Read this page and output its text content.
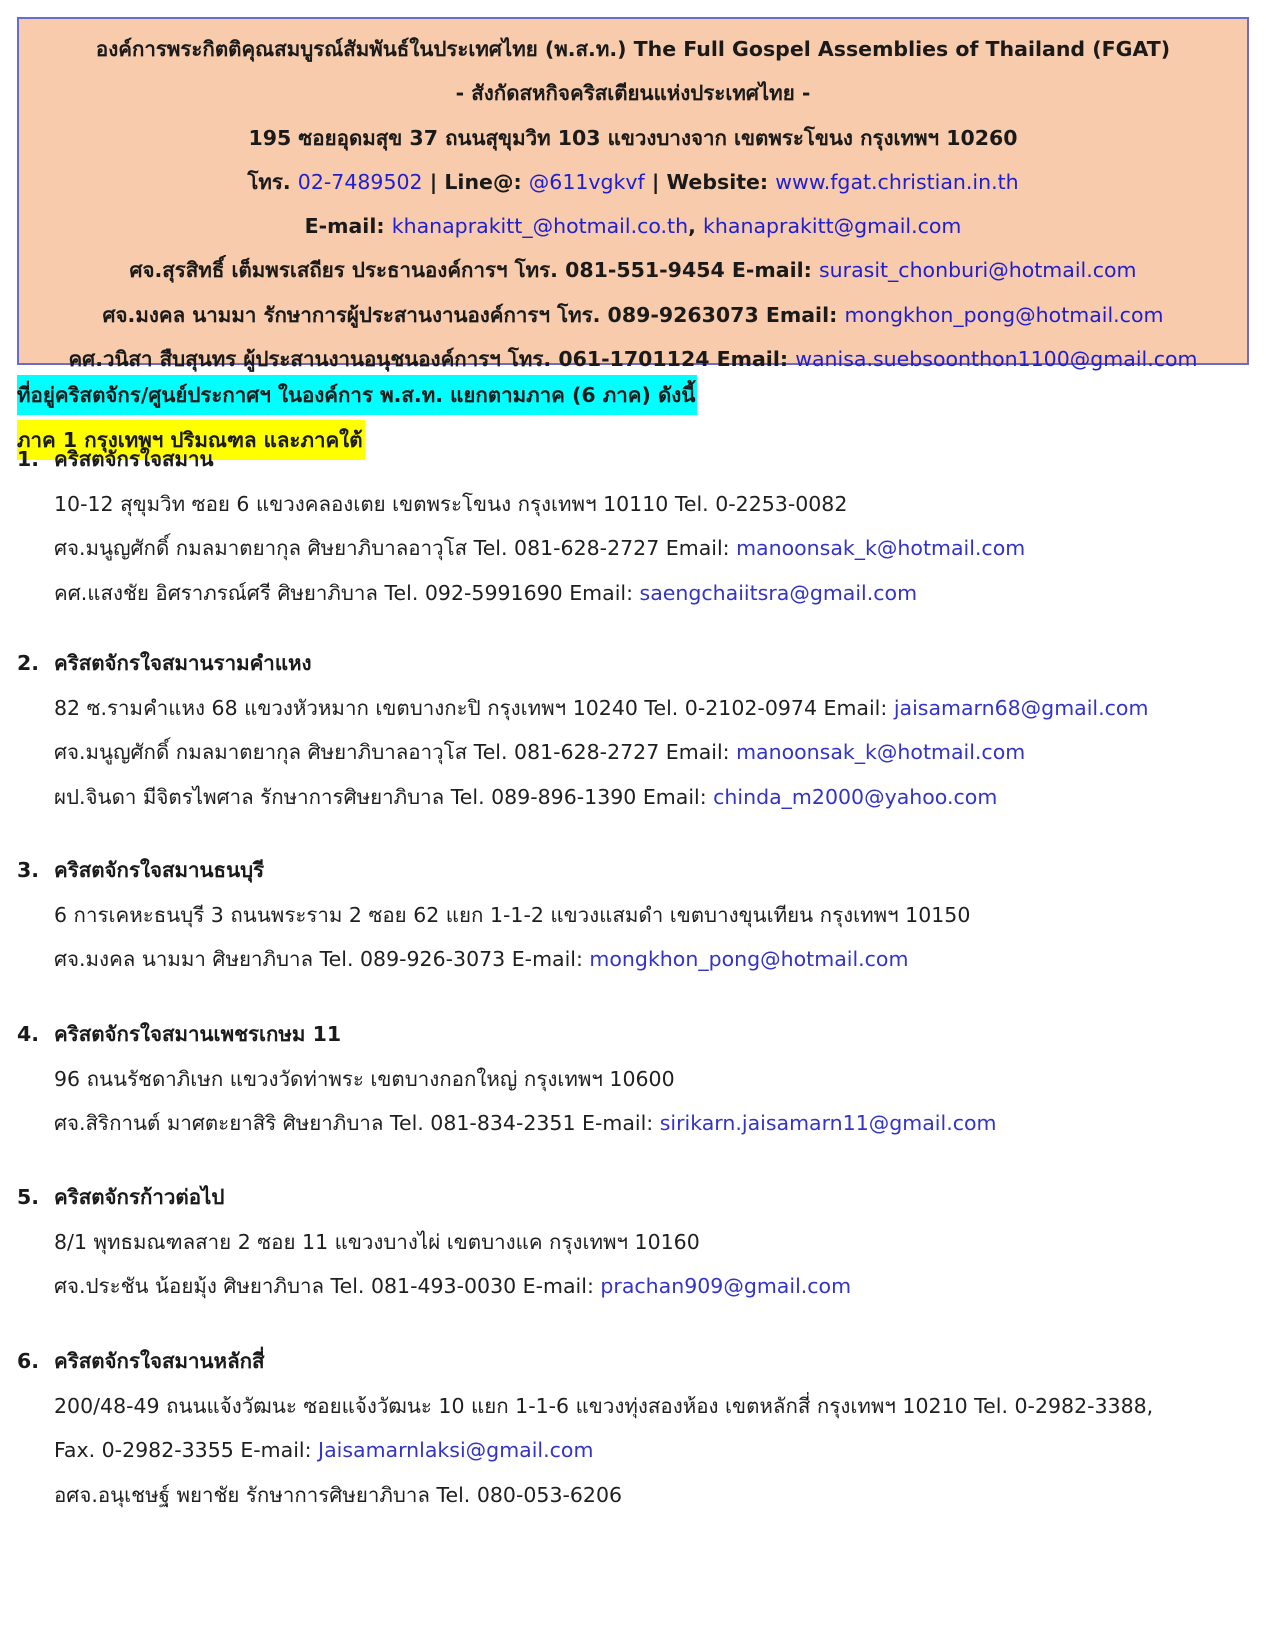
องค์การพระกิตติคุณสมบูรณ์สัมพันธ์ในประเทศไทย (พ.ส.ท.) The Full Gospel Assemblies of Thailand (FGAT)
- สังกัดสหกิจคริสเตียนแห่งประเทศไทย -
195 ซอยอุดมสุข 37 ถนนสุขุมวิท 103 แขวงบางจาก เขตพระโขนง กรุงเทพฯ 10260
โทร. 02-7489502 | Line@: @611vgkvf | Website: www.fgat.christian.in.th
E-mail: khanaprakitt_@hotmail.co.th, khanaprakitt@gmail.com
ศจ.สุรสิทธิ์ เต็มพรเสถียร ประธานองค์การฯ โทร. 081-551-9454 E-mail: surasit_chonburi@hotmail.com
ศจ.มงคล นามมา รักษาการผู้ประสานงานองค์การฯ โทร. 089-9263073 Email: mongkhon_pong@hotmail.com
คศ.วนิสา สืบสุนทร ผู้ประสานงานอนุชนองค์การฯ โทร. 061-1701124 Email: wanisa.suebsoonthon1100@gmail.com
ที่อยู่คริสตจักร/ศูนย์ประกาศฯ ในองค์การ พ.ส.ท. แยกตามภาค (6 ภาค) ดังนี้
ภาค 1 กรุงเทพฯ ปริมณฑล และภาคใต้
1. คริสตจักรใจสมาน
10-12 สุขุมวิท ซอย 6 แขวงคลองเตย เขตพระโขนง กรุงเทพฯ 10110 Tel. 0-2253-0082
ศจ.มนูญศักดิ์ กมลมาตยากุล ศิษยาภิบาลอาวุโส Tel. 081-628-2727 Email: manoonsak_k@hotmail.com
คศ.แสงชัย อิศราภรณ์ศรี ศิษยาภิบาล Tel. 092-5991690 Email: saengchaiitsra@gmail.com
2. คริสตจักรใจสมานรามคำแหง
82 ซ.รามคำแหง 68 แขวงหัวหมาก เขตบางกะปิ กรุงเทพฯ 10240 Tel. 0-2102-0974 Email: jaisamarn68@gmail.com
ศจ.มนูญศักดิ์ กมลมาตยากุล ศิษยาภิบาลอาวุโส Tel. 081-628-2727 Email: manoonsak_k@hotmail.com
ผป.จินดา มีจิตรไพศาล รักษาการศิษยาภิบาล Tel. 089-896-1390 Email: chinda_m2000@yahoo.com
3. คริสตจักรใจสมานธนบุรี
6 การเคหะธนบุรี 3 ถนนพระราม 2 ซอย 62 แยก 1-1-2 แขวงแสมดำ เขตบางขุนเทียน กรุงเทพฯ 10150
ศจ.มงคล นามมา ศิษยาภิบาล Tel. 089-926-3073 E-mail: mongkhon_pong@hotmail.com
4. คริสตจักรใจสมานเพชรเกษม 11
96 ถนนรัชดาภิเษก แขวงวัดท่าพระ เขตบางกอกใหญ่ กรุงเทพฯ 10600
ศจ.สิริกานต์ มาศตะยาสิริ ศิษยาภิบาล Tel. 081-834-2351 E-mail: sirikarn.jaisamarn11@gmail.com
5. คริสตจักรก้าวต่อไป
8/1 พุทธมณฑลสาย 2 ซอย 11 แขวงบางไผ่ เขตบางแค กรุงเทพฯ 10160
ศจ.ประชัน น้อยมุ้ง ศิษยาภิบาล Tel. 081-493-0030 E-mail: prachan909@gmail.com
6. คริสตจักรใจสมานหลักสี่
200/48-49 ถนนแจ้งวัฒนะ ซอยแจ้งวัฒนะ 10 แยก 1-1-6 แขวงทุ่งสองห้อง เขตหลักสี่ กรุงเทพฯ 10210 Tel. 0-2982-3388,
Fax. 0-2982-3355 E-mail: Jaisamarnlaksi@gmail.com
อศจ.อนุเชษฐ์ พยาชัย รักษาการศิษยาภิบาล Tel. 080-053-6206
